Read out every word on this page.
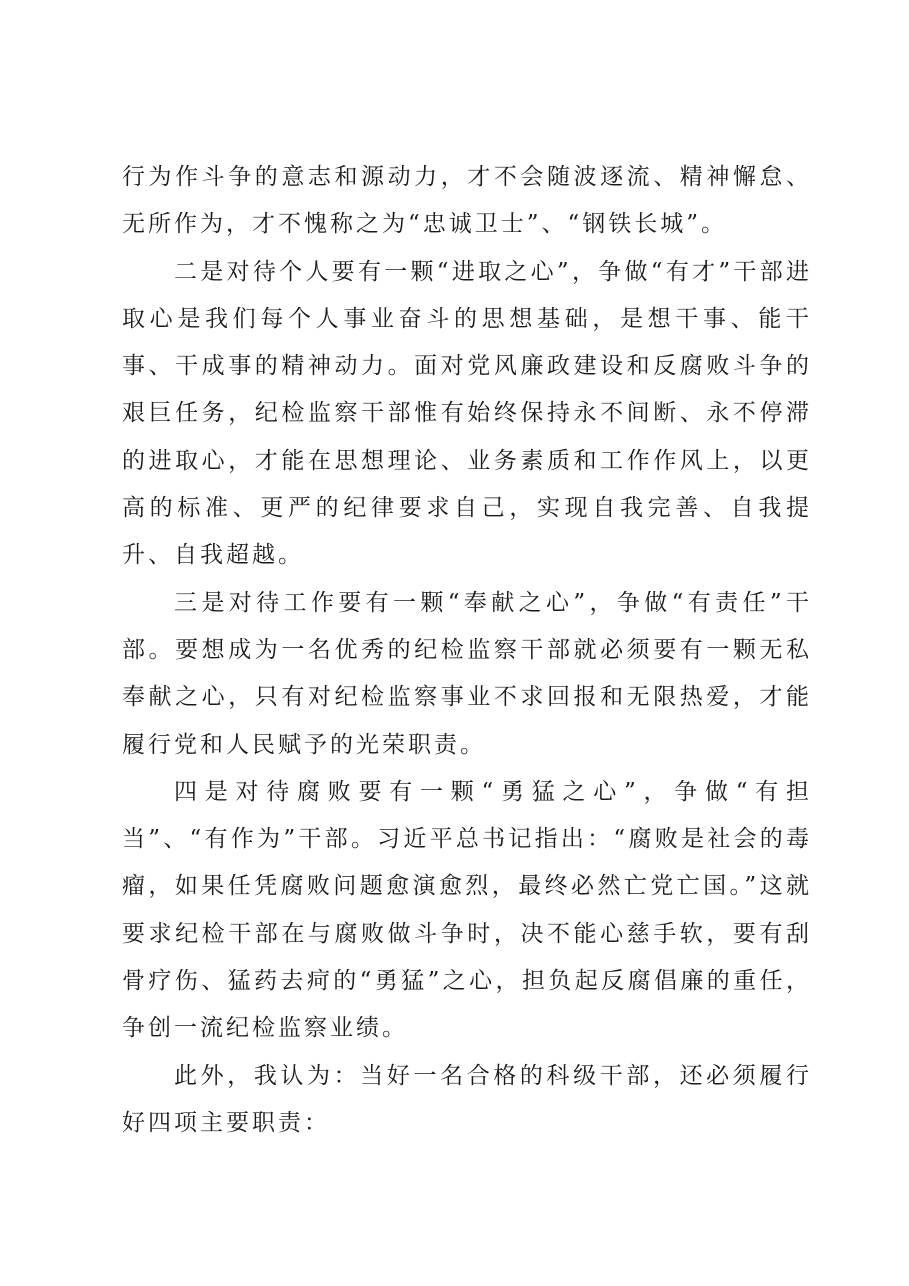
行为作斗争的意志和源动力，才不会随波逐流、精神懈怠、无所作为，才不愧称之为“忠诚卫士”、“钢铁长城”。

二是对待个人要有一颗“进取之心”，争做“有才”干部进取心是我们每个人事业奋斗的思想基础，是想干事、能干事、干成事的精神动力。面对党风廉政建设和反腐败斗争的艰巨任务，纪检监察干部惟有始终保持永不间断、永不停滞的进取心，才能在思想理论、业务素质和工作作风上，以更高的标准、更严的纪律要求自己，实现自我完善、自我提升、自我超越。

三是对待工作要有一颗“奉献之心”，争做“有责任”干部。要想成为一名优秀的纪检监察干部就必须要有一颗无私奉献之心，只有对纪检监察事业不求回报和无限热爱，才能履行党和人民赋予的光荣职责。

四是对待腐败要有一颗“勇猛之心”，争做“有担当”、“有作为”干部。习近平总书记指出：“腐败是社会的毒瘤，如果任凭腐败问题愈演愈烈，最终必然亡党亡国。”这就要求纪检干部在与腐败做斗争时，决不能心慈手软，要有刮骨疗伤、猛药去疴的“勇猛”之心，担负起反腐倡廉的重任，争创一流纪检监察业绩。

此外，我认为：当好一名合格的科级干部，还必须履行好四项主要职责：
